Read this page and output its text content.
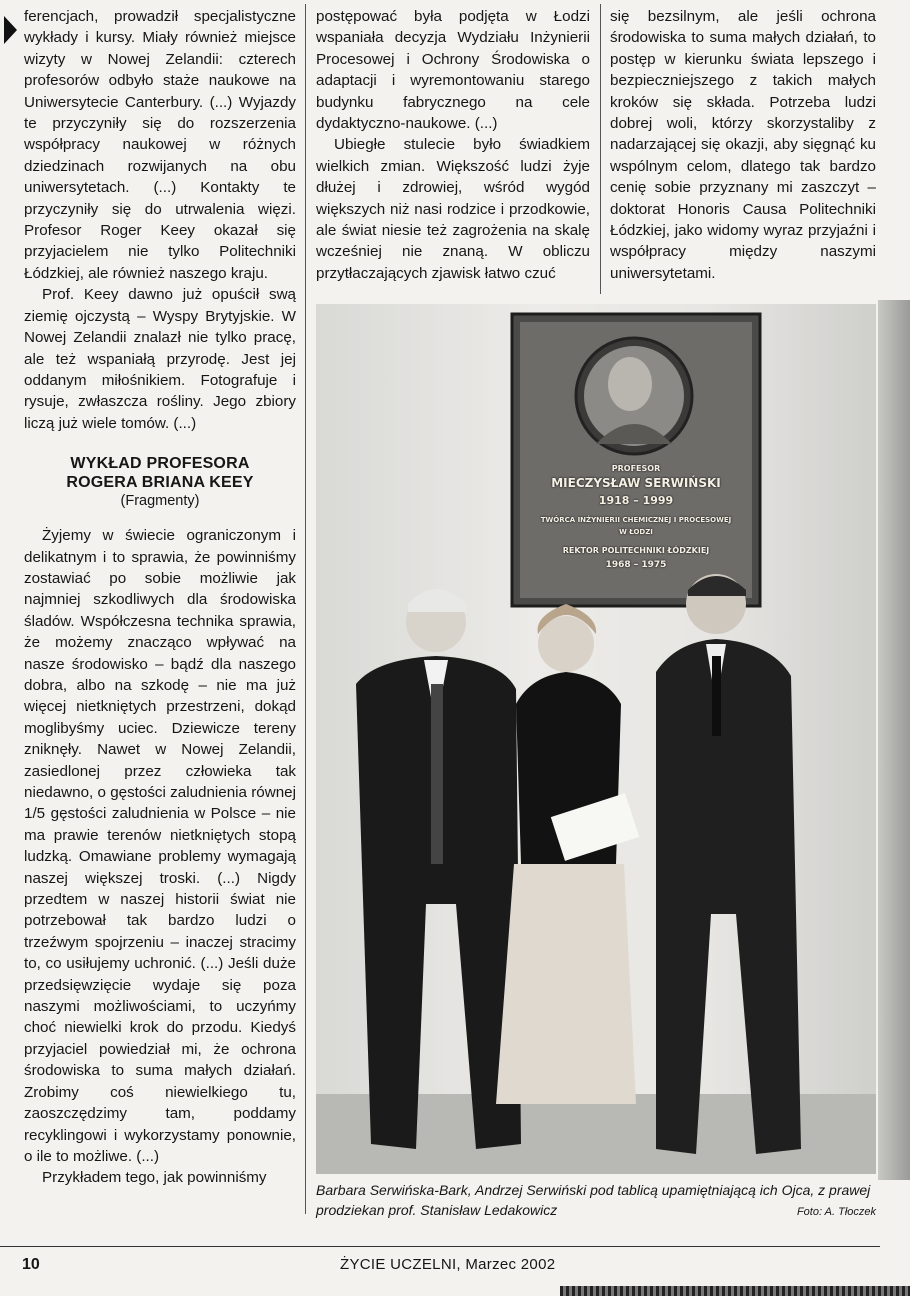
ferencjach, prowadził specjalistyczne wykłady i kursy. Miały również miejsce wizyty w Nowej Zelandii: czterech profesorów odbyło staże naukowe na Uniwersytecie Canterbury. (...) Wyjazdy te przyczyniły się do rozszerzenia współpracy naukowej w różnych dziedzinach rozwijanych na obu uniwersytetach. (...) Kontakty te przyczyniły się do utrwalenia więzi. Profesor Roger Keey okazał się przyjacielem nie tylko Politechniki Łódzkiej, ale również naszego kraju.

Prof. Keey dawno już opuścił swą ziemię ojczystą – Wyspy Brytyjskie. W Nowej Zelandii znalazł nie tylko pracę, ale też wspaniałą przyrodę. Jest jej oddanym miłośnikiem. Fotografuje i rysuje, zwłaszcza rośliny. Jego zbiory liczą już wiele tomów. (...)

WYKŁAD PROFESORA

ROGERA BRIANA KEEY

(Fragmenty)

Żyjemy w świecie ograniczonym i delikatnym i to sprawia, że powinniśmy zostawiać po sobie możliwie jak najmniej szkodliwych dla środowiska śladów. Współczesna technika sprawia, że możemy znacząco wpływać na nasze środowisko – bądź dla naszego dobra, albo na szkodę – nie ma już więcej nietkniętych przestrzeni, dokąd moglibyśmy uciec. Dziewicze tereny zniknęły. Nawet w Nowej Zelandii, zasiedlonej przez człowieka tak niedawno, o gęstości zaludnienia równej 1/5 gęstości zaludnienia w Polsce – nie ma prawie terenów nietkniętych stopą ludzką. Omawiane problemy wymagają naszej większej troski. (...) Nigdy przedtem w naszej historii świat nie potrzebował tak bardzo ludzi o trzeźwym spojrzeniu – inaczej stracimy to, co usiłujemy uchronić. (...) Jeśli duże przedsięwzięcie wydaje się poza naszymi możliwościami, to uczyńmy choć niewielki krok do przodu. Kiedyś przyjaciel powiedział mi, że ochrona środowiska to suma małych działań. Zrobimy coś niewielkiego tu, zaoszczędzimy tam, poddamy recyklingowi i wykorzystamy ponownie, o ile to możliwe. (...)

Przykładem tego, jak powinniśmy

postępować była podjęta w Łodzi wspaniała decyzja Wydziału Inżynierii Procesowej i Ochrony Środowiska o adaptacji i wyremontowaniu starego budynku fabrycznego na cele dydaktyczno-naukowe. (...)

Ubiegłe stulecie było świadkiem wielkich zmian. Większość ludzi żyje dłużej i zdrowiej, wśród wygód większych niż nasi rodzice i przodkowie, ale świat niesie też zagrożenia na skalę wcześniej nie znaną. W obliczu przytłaczających zjawisk łatwo czuć

się bezsilnym, ale jeśli ochrona środowiska to suma małych działań, to postęp w kierunku świata lepszego i bezpieczniejszego z takich małych kroków się składa. Potrzeba ludzi dobrej woli, którzy skorzystaliby z nadarzającej się okazji, aby sięgnąć ku wspólnym celom, dlatego tak bardzo cenię sobie przyznany mi zaszczyt – doktorat Honoris Causa Politechniki Łódzkiej, jako widomy wyraz przyjaźni i współpracy między naszymi uniwersytetami.

PROFESOR
MIECZYSŁAW SERWIŃSKI
1918 – 1999
TWÓRCA INŻYNIERII CHEMICZNEJ I PROCESOWEJ
W ŁODZI
REKTOR POLITECHNIKI ŁÓDZKIEJ
1968 – 1975
Barbara Serwińska-Bark, Andrzej Serwiński pod tablicą upamiętniającą ich Ojca, z prawej prodziekan prof. Stanisław Ledakowicz	Foto: A. Tłoczek
10	ŻYCIE UCZELNI, Marzec 2002
